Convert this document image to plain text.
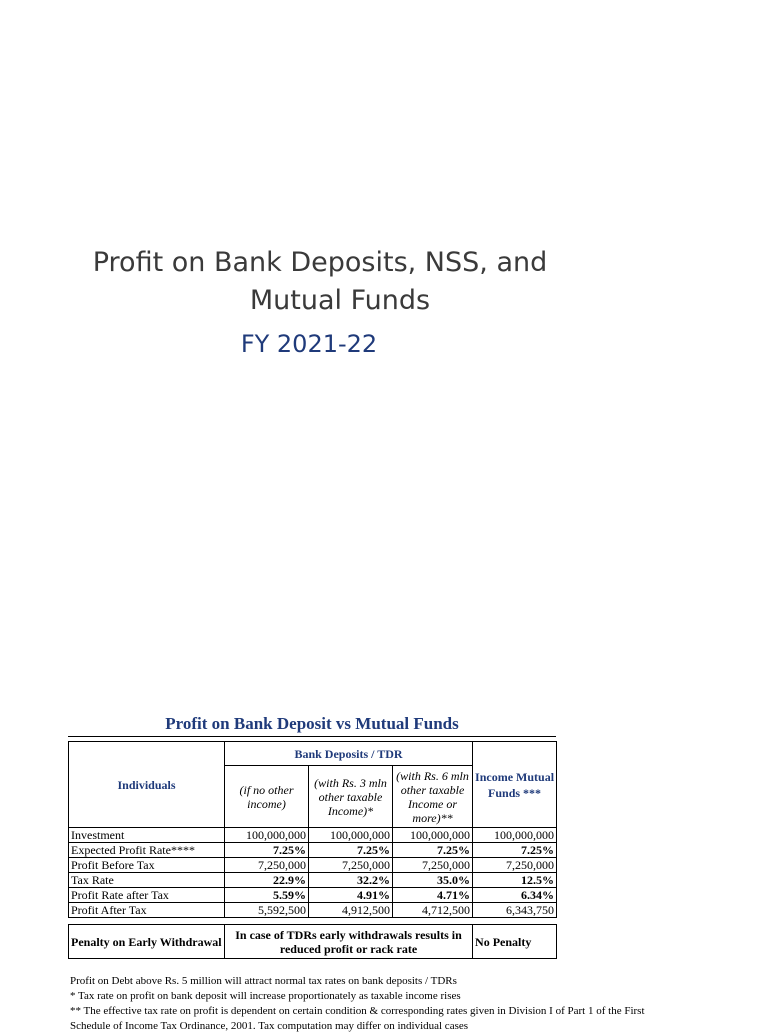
Profit on Bank Deposits, NSS, and
Mutual Funds
FY 2021-22
Profit on Bank Deposit vs Mutual Funds
Individuals	Bank Deposits / TDR			Income Mutual Funds ***
	(if no other income)	(with Rs. 3 mln other taxable Income)*	(with Rs. 6 mln other taxable Income or more)**	
Investment	100,000,000	100,000,000	100,000,000	100,000,000
Expected Profit Rate****	7.25%	7.25%	7.25%	7.25%
Profit Before Tax	7,250,000	7,250,000	7,250,000	7,250,000
Tax Rate	22.9%	32.2%	35.0%	12.5%
Profit Rate after Tax	5.59%	4.91%	4.71%	6.34%
Profit After Tax	5,592,500	4,912,500	4,712,500	6,343,750

Penalty on Early Withdrawal	In case of TDRs early withdrawals results in reduced profit or rack rate			No Penalty
Profit on Debt above Rs. 5 million will attract normal tax rates on bank deposits / TDRs
* Tax rate on profit on bank deposit will increase proportionately as taxable income rises
** The effective tax rate on profit is dependent on certain condition & corresponding rates given in Division I of Part 1 of the First
Schedule of Income Tax Ordinance, 2001. Tax computation may differ on individual cases
